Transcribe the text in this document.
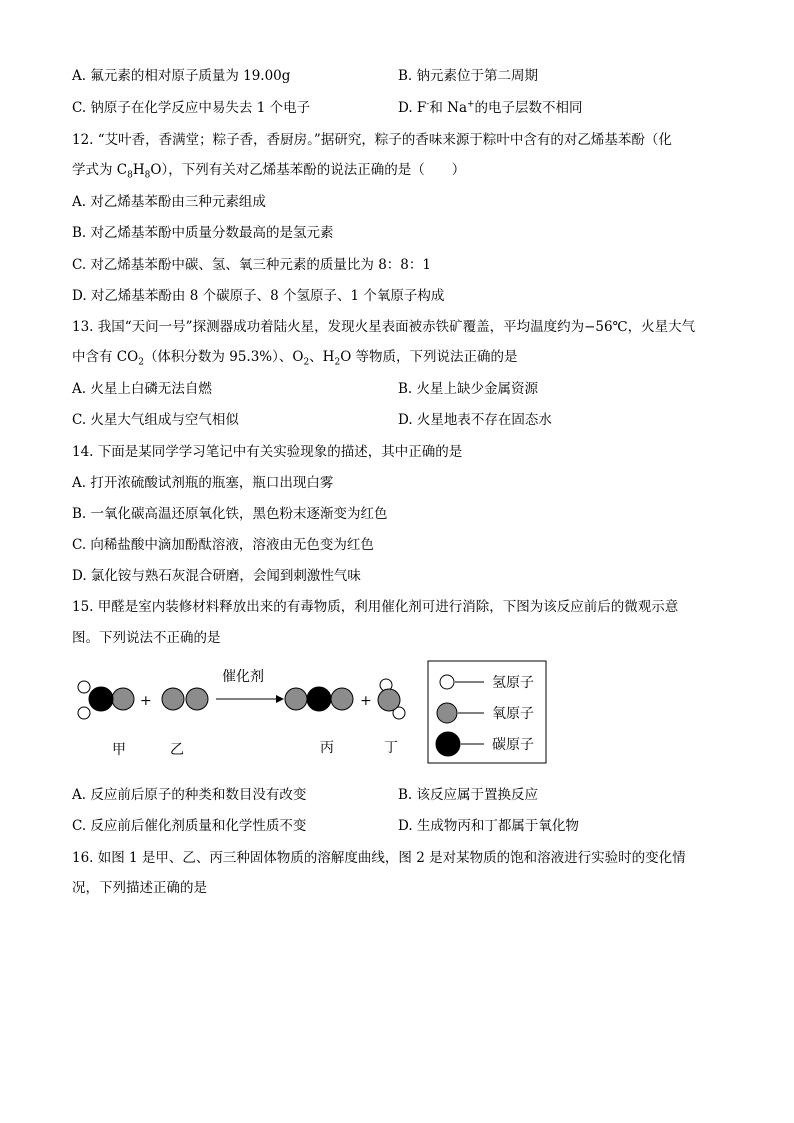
A. 氟元素的相对原子质量为 19.00g	B. 钠元素位于第二周期
C. 钠原子在化学反应中易失去 1 个电子	D. F-和 Na+的电子层数不相同
12. “艾叶香，香满堂；粽子香，香厨房。”据研究，粽子的香味来源于粽叶中含有的对乙烯基苯酚（化
学式为 $C_8H_8O$），下列有关对乙烯基苯酚的说法正确的是（　　）
A. 对乙烯基苯酚由三种元素组成
B. 对乙烯基苯酚中质量分数最高的是氢元素
C. 对乙烯基苯酚中碳、氢、氧三种元素的质量比为 8：8：1
D. 对乙烯基苯酚由 8 个碳原子、8 个氢原子、1 个氧原子构成
13. 我国“天问一号”探测器成功着陆火星，发现火星表面被赤铁矿覆盖，平均温度约为−56℃，火星大气
中含有 $CO_2$（体积分数为 95.3%）、$O_2$、$H_2O$ 等物质，下列说法正确的是
A. 火星上白磷无法自燃	B. 火星上缺少金属资源
C. 火星大气组成与空气相似	D. 火星地表不存在固态水
14. 下面是某同学学习笔记中有关实验现象的描述，其中正确的是
A. 打开浓硫酸试剂瓶的瓶塞，瓶口出现白雾
B. 一氧化碳高温还原氧化铁，黑色粉末逐渐变为红色
C. 向稀盐酸中滴加酚酞溶液，溶液由无色变为红色
D. 氯化铵与熟石灰混合研磨，会闻到刺激性气味
15. 甲醛是室内装修材料释放出来的有毒物质，利用催化剂可进行消除，下图为该反应前后的微观示意
图。下列说法不正确的是
+
催化剂
+
甲	乙	丙	丁
氢原子
氧原子
碳原子
A. 反应前后原子的种类和数目没有改变	B. 该反应属于置换反应
C. 反应前后催化剂质量和化学性质不变	D. 生成物丙和丁都属于氧化物
16. 如图 1 是甲、乙、丙三种固体物质的溶解度曲线，图 2 是对某物质的饱和溶液进行实验时的变化情
况，下列描述正确的是
